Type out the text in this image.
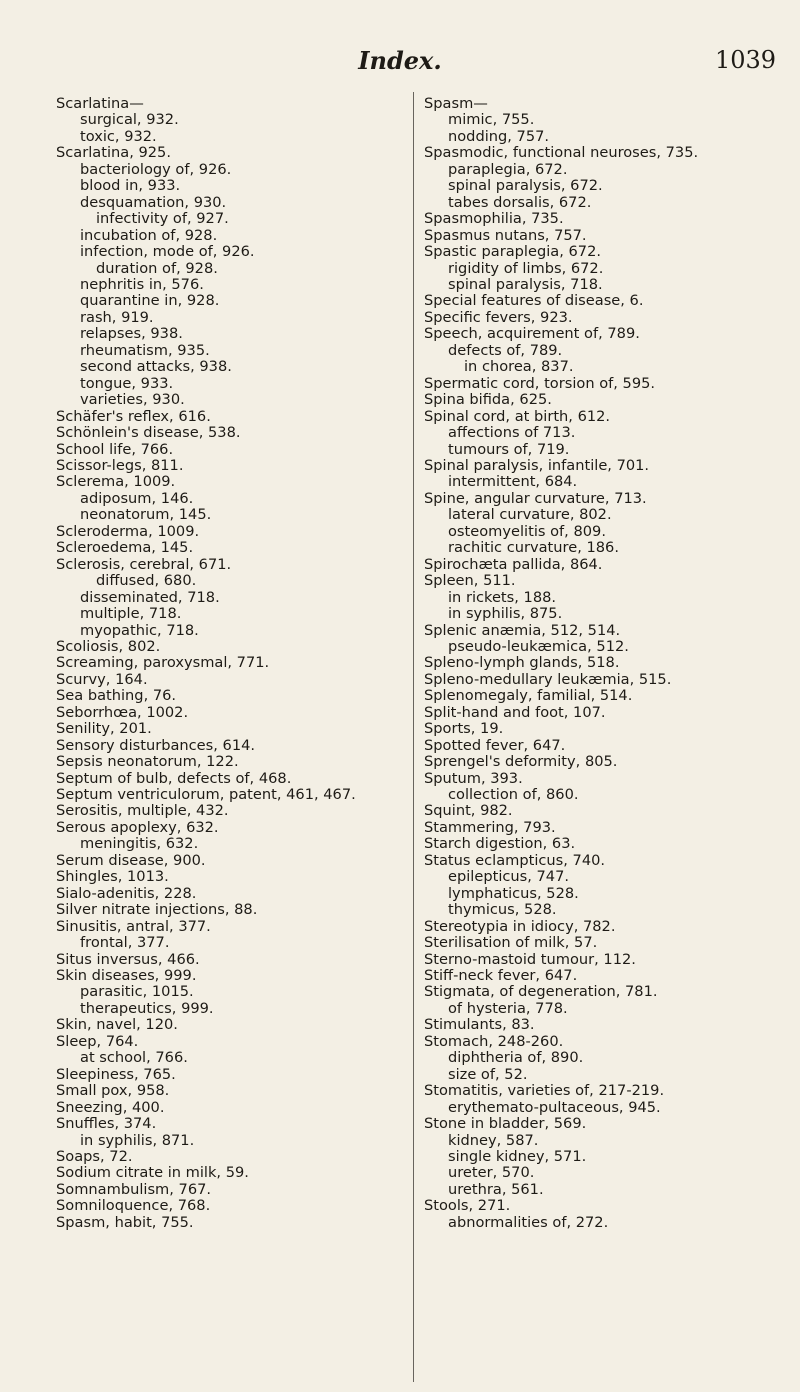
Index.	1039
Scarlatina—
surgical, 932.
toxic, 932.
Scarlatina, 925.
bacteriology of, 926.
blood in, 933.
desquamation, 930.
infectivity of, 927.
incubation of, 928.
infection, mode of, 926.
duration of, 928.
nephritis in, 576.
quarantine in, 928.
rash, 919.
relapses, 938.
rheumatism, 935.
second attacks, 938.
tongue, 933.
varieties, 930.
Schäfer's reflex, 616.
Schönlein's disease, 538.
School life, 766.
Scissor-legs, 811.
Sclerema, 1009.
adiposum, 146.
neonatorum, 145.
Scleroderma, 1009.
Scleroedema, 145.
Sclerosis, cerebral, 671.
diffused, 680.
disseminated, 718.
multiple, 718.
myopathic, 718.
Scoliosis, 802.
Screaming, paroxysmal, 771.
Scurvy, 164.
Sea bathing, 76.
Seborrhœa, 1002.
Senility, 201.
Sensory disturbances, 614.
Sepsis neonatorum, 122.
Septum of bulb, defects of, 468.
Septum ventriculorum, patent, 461, 467.
Serositis, multiple, 432.
Serous apoplexy, 632.
meningitis, 632.
Serum disease, 900.
Shingles, 1013.
Sialo-adenitis, 228.
Silver nitrate injections, 88.
Sinusitis, antral, 377.
frontal, 377.
Situs inversus, 466.
Skin diseases, 999.
parasitic, 1015.
therapeutics, 999.
Skin, navel, 120.
Sleep, 764.
at school, 766.
Sleepiness, 765.
Small pox, 958.
Sneezing, 400.
Snuffles, 374.
in syphilis, 871.
Soaps, 72.
Sodium citrate in milk, 59.
Somnambulism, 767.
Somniloquence, 768.
Spasm, habit, 755.
Spasm—
mimic, 755.
nodding, 757.
Spasmodic, functional neuroses, 735.
paraplegia, 672.
spinal paralysis, 672.
tabes dorsalis, 672.
Spasmophilia, 735.
Spasmus nutans, 757.
Spastic paraplegia, 672.
rigidity of limbs, 672.
spinal paralysis, 718.
Special features of disease, 6.
Specific fevers, 923.
Speech, acquirement of, 789.
defects of, 789.
in chorea, 837.
Spermatic cord, torsion of, 595.
Spina bifida, 625.
Spinal cord, at birth, 612.
affections of 713.
tumours of, 719.
Spinal paralysis, infantile, 701.
intermittent, 684.
Spine, angular curvature, 713.
lateral curvature, 802.
osteomyelitis of, 809.
rachitic curvature, 186.
Spirochæta pallida, 864.
Spleen, 511.
in rickets, 188.
in syphilis, 875.
Splenic anæmia, 512, 514.
pseudo-leukæmica, 512.
Spleno-lymph glands, 518.
Spleno-medullary leukæmia, 515.
Splenomegaly, familial, 514.
Split-hand and foot, 107.
Sports, 19.
Spotted fever, 647.
Sprengel's deformity, 805.
Sputum, 393.
collection of, 860.
Squint, 982.
Stammering, 793.
Starch digestion, 63.
Status eclampticus, 740.
epilepticus, 747.
lymphaticus, 528.
thymicus, 528.
Stereotypia in idiocy, 782.
Sterilisation of milk, 57.
Sterno-mastoid tumour, 112.
Stiff-neck fever, 647.
Stigmata, of degeneration, 781.
of hysteria, 778.
Stimulants, 83.
Stomach, 248-260.
diphtheria of, 890.
size of, 52.
Stomatitis, varieties of, 217-219.
erythemato-pultaceous, 945.
Stone in bladder, 569.
kidney, 587.
single kidney, 571.
ureter, 570.
urethra, 561.
Stools, 271.
abnormalities of, 272.
